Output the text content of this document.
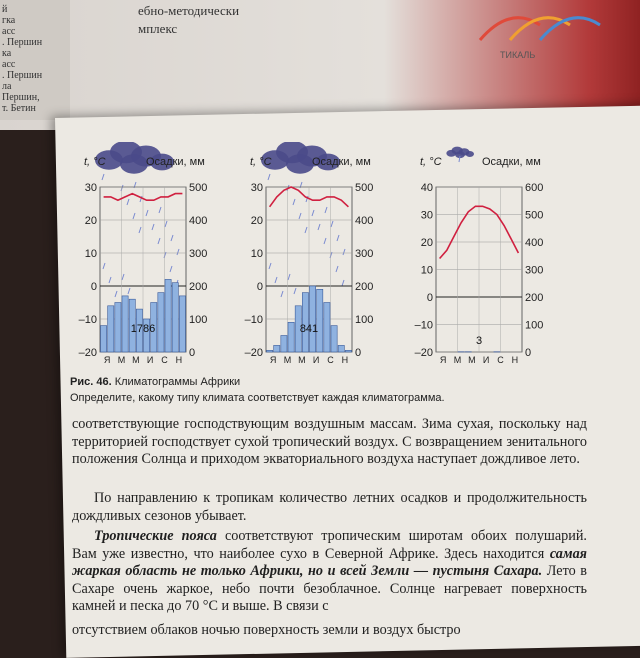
й
гка
асс
. Першин
ка
асс
. Першин
ла
Першин,
т. Бетин
ебно-методически
мплекс
ТИКАЛЬ
30	500
20	400
10	300
0	200
–10	100
–20	0
t, °C	Осадки, мм
1786
Я М М И С Н
30	500
20	400
10	300
0	200
–10	100
–20	0
t, °C	Осадки, мм
841
Я М М И С Н
40	600
30	500
20	400
10	300
0	200
–10	100
–20	0
t, °C	Осадки, мм
3
Я М М И С Н
Рис. 46. Климатограммы Африки
Определите, какому типу климата соответствует каждая климатограмма.
соответствующие господствующим воздушным массам. Зима сухая, поскольку над территорией господствует сухой тропический воздух. С возвращением зенитального положения Солнца и приходом экваториального воздуха наступает дождливое лето.
По направлению к тропикам количество летних осадков и продолжительность дождливых сезонов убывает.
Тропические пояса соответствуют тропическим широтам обоих полушарий. Вам уже известно, что наиболее сухо в Северной Африке. Здесь находится самая жаркая область не только Африки, но и всей Земли — пустыня Сахара. Лето в Сахаре очень жаркое, небо почти безоблачное. Солнце нагревает поверхность камней и песка до 70 °С и выше. В связи с
отсутствием облаков ночью поверхность земли и воздух быстро
